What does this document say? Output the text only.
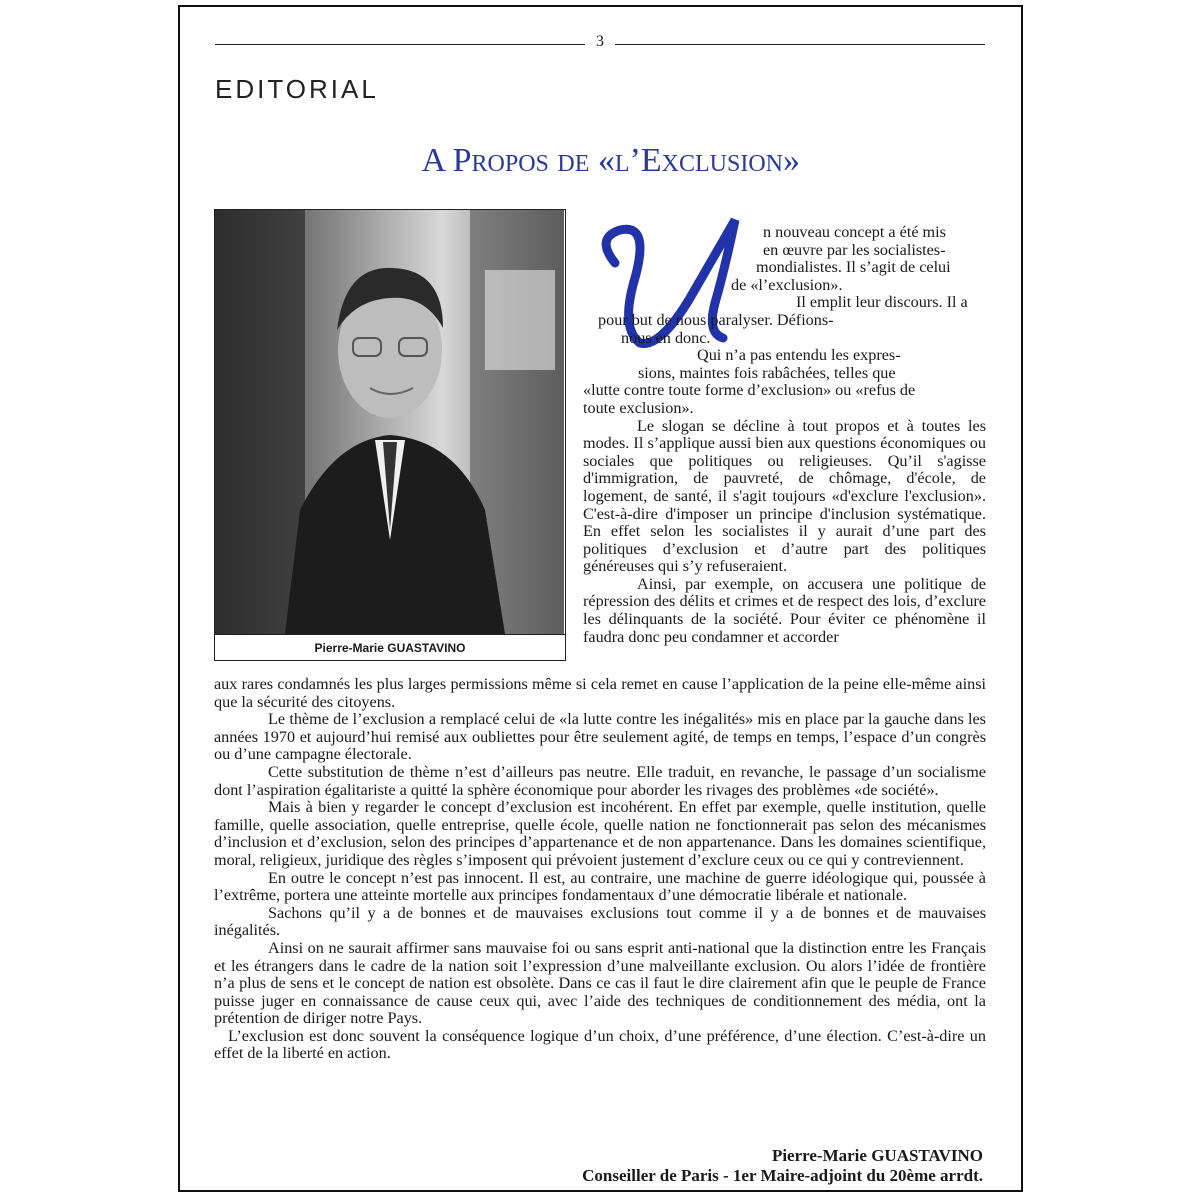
3
EDITORIAL
A Propos de «l’Exclusion»
Pierre-Marie GUASTAVINO

n nouveau concept a été mis

en œuvre par les socialistes-

mondialistes. Il s’agit de celui

de «l’exclusion».

Il emplit leur discours. Il a

pour but de nous paralyser. Défions-

nous en donc.

Qui n’a pas entendu les expres-

sions, maintes fois rabâchées, telles que

«lutte contre toute forme d’exclusion» ou «refus de

toute exclusion».

Le slogan se décline à tout propos et à toutes les modes. Il s’applique aussi bien aux questions économiques ou sociales que politiques ou religieuses. Qu’il s'agisse d'immigration, de pauvreté, de chômage, d'école, de logement, de santé, il s'agit toujours «d'exclure l'exclusion». C'est-à-dire d'imposer un principe d'inclusion systématique. En effet selon les socialistes il y aurait d’une part des politiques d’exclusion et d’autre part des politiques généreuses qui s’y refuseraient.

Ainsi, par exemple, on accusera une politique de répression des délits et crimes et de respect des lois, d’exclure les délinquants de la société. Pour éviter ce phénomène il faudra donc peu condamner et accorder

aux rares condamnés les plus larges permissions même si cela remet en cause l’application de la peine elle-même ainsi que la sécurité des citoyens.

Le thème de l’exclusion a remplacé celui de «la lutte contre les inégalités» mis en place par la gauche dans les années 1970 et aujourd’hui remisé aux oubliettes pour être seulement agité, de temps en temps, l’espace d’un congrès ou d’une campagne électorale.

Cette substitution de thème n’est d’ailleurs pas neutre. Elle traduit, en revanche, le passage d’un socialisme dont l’aspiration égalitariste a quitté la sphère économique pour aborder les rivages des problèmes «de société».

Mais à bien y regarder le concept d’exclusion est incohérent. En effet par exemple, quelle institution, quelle famille, quelle association, quelle entreprise, quelle école, quelle nation ne fonctionnerait pas selon des mécanismes d’inclusion et d’exclusion, selon des principes d’appartenance et de non appartenance. Dans les domaines scientifique, moral, religieux, juridique des règles s’imposent qui prévoient justement d’exclure ceux ou ce qui y contreviennent.

En outre le concept n’est pas innocent. Il est, au contraire, une machine de guerre idéologique qui, poussée à l’extrême, portera une atteinte mortelle aux principes fondamentaux d’une démocratie libérale et nationale.

Sachons qu’il y a de bonnes et de mauvaises exclusions tout comme il y a de bonnes et de mauvaises inégalités.

Ainsi on ne saurait affirmer sans mauvaise foi ou sans esprit anti-national que la distinction entre les Français et les étrangers dans le cadre de la nation soit l’expression d’une malveillante exclusion. Ou alors l’idée de frontière n’a plus de sens et le concept de nation est obsolète. Dans ce cas il faut le dire clairement afin que le peuple de France puisse juger en connaissance de cause ceux qui, avec l’aide des techniques de conditionnement des média, ont la prétention de diriger notre Pays.

L’exclusion est donc souvent la conséquence logique d’un choix, d’une préférence, d’une élection. C’est-à-dire un effet de la liberté en action.

Pierre-Marie GUASTAVINO
Conseiller de Paris - 1er Maire-adjoint du 20ème arrdt.
